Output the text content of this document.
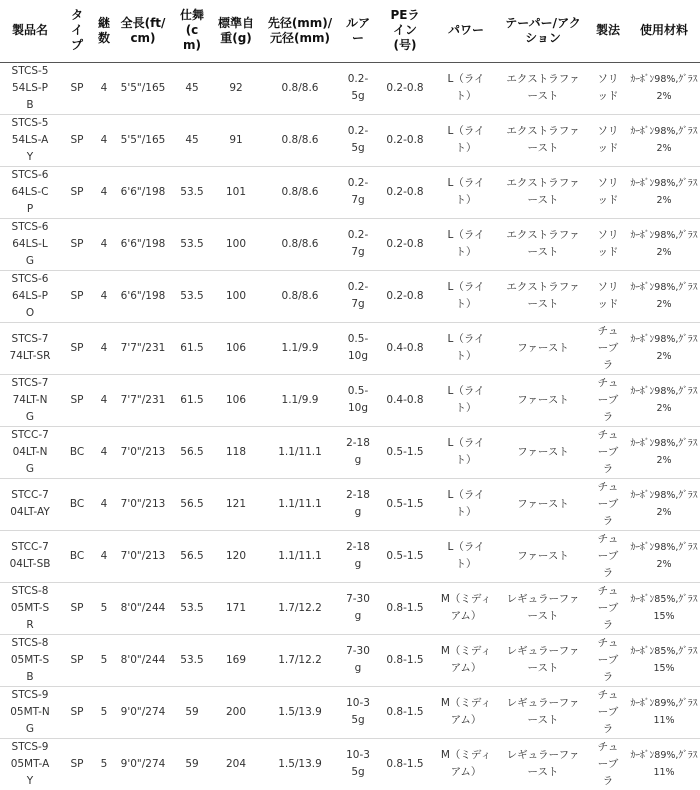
製品名	タイプ	継数	全長(ft/cm)	仕舞(cm)	標準自重(g)	先径(mm)/元径(mm)	ルアー	PEライン(号)	パワー	テーパー/アクション	製法	使用材料

STCS-554LS-PB	SP	4	5'5"/165	45	92	0.8/8.6	0.2-5g	0.2-0.8	L（ライト）	エクストラファースト	ソリッド	ｶｰﾎﾞﾝ98%,ｸﾞﾗｽ2%

STCS-554LS-AY	SP	4	5'5"/165	45	91	0.8/8.6	0.2-5g	0.2-0.8	L（ライト）	エクストラファースト	ソリッド	ｶｰﾎﾞﾝ98%,ｸﾞﾗｽ2%

STCS-664LS-CP	SP	4	6'6"/198	53.5	101	0.8/8.6	0.2-7g	0.2-0.8	L（ライト）	エクストラファースト	ソリッド	ｶｰﾎﾞﾝ98%,ｸﾞﾗｽ2%

STCS-664LS-LG	SP	4	6'6"/198	53.5	100	0.8/8.6	0.2-7g	0.2-0.8	L（ライト）	エクストラファースト	ソリッド	ｶｰﾎﾞﾝ98%,ｸﾞﾗｽ2%

STCS-664LS-PO	SP	4	6'6"/198	53.5	100	0.8/8.6	0.2-7g	0.2-0.8	L（ライト）	エクストラファースト	ソリッド	ｶｰﾎﾞﾝ98%,ｸﾞﾗｽ2%

STCS-774LT-SR	SP	4	7'7"/231	61.5	106	1.1/9.9	0.5-10g	0.4-0.8	L（ライト）	ファースト	チューブラ	ｶｰﾎﾞﾝ98%,ｸﾞﾗｽ2%

STCS-774LT-NG	SP	4	7'7"/231	61.5	106	1.1/9.9	0.5-10g	0.4-0.8	L（ライト）	ファースト	チューブラ	ｶｰﾎﾞﾝ98%,ｸﾞﾗｽ2%

STCC-704LT-NG	BC	4	7'0"/213	56.5	118	1.1/11.1	2-18g	0.5-1.5	L（ライト）	ファースト	チューブラ	ｶｰﾎﾞﾝ98%,ｸﾞﾗｽ2%

STCC-704LT-AY	BC	4	7'0"/213	56.5	121	1.1/11.1	2-18g	0.5-1.5	L（ライト）	ファースト	チューブラ	ｶｰﾎﾞﾝ98%,ｸﾞﾗｽ2%

STCC-704LT-SB	BC	4	7'0"/213	56.5	120	1.1/11.1	2-18g	0.5-1.5	L（ライト）	ファースト	チューブラ	ｶｰﾎﾞﾝ98%,ｸﾞﾗｽ2%

STCS-805MT-SR	SP	5	8'0"/244	53.5	171	1.7/12.2	7-30g	0.8-1.5	M（ミディアム）	レギュラーファースト	チューブラ	ｶｰﾎﾞﾝ85%,ｸﾞﾗｽ15%

STCS-805MT-SB	SP	5	8'0"/244	53.5	169	1.7/12.2	7-30g	0.8-1.5	M（ミディアム）	レギュラーファースト	チューブラ	ｶｰﾎﾞﾝ85%,ｸﾞﾗｽ15%

STCS-905MT-NG	SP	5	9'0"/274	59	200	1.5/13.9	10-35g	0.8-1.5	M（ミディアム）	レギュラーファースト	チューブラ	ｶｰﾎﾞﾝ89%,ｸﾞﾗｽ11%

STCS-905MT-AY	SP	5	9'0"/274	59	204	1.5/13.9	10-35g	0.8-1.5	M（ミディアム）	レギュラーファースト	チューブラ	ｶｰﾎﾞﾝ89%,ｸﾞﾗｽ11%
